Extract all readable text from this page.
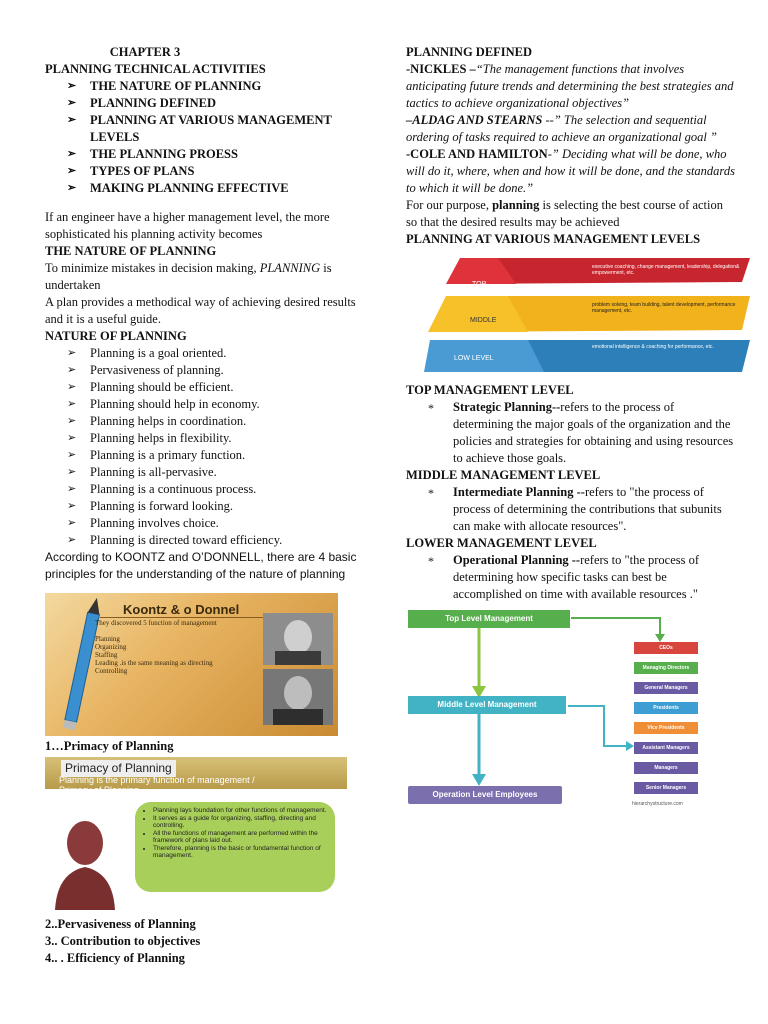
CHAPTER 3
PLANNING TECHNICAL ACTIVITIES
➢ THE NATURE OF PLANNING
➢ PLANNING DEFINED
➢ PLANNING AT VARIOUS MANAGEMENT LEVELS
➢ THE PLANNING PROESS
➢ TYPES OF PLANS
➢ MAKING PLANNING EFFECTIVE

If an engineer have a higher management level, the more sophisticated his planning activity becomes

THE NATURE OF PLANNING

To minimize mistakes in decision making, PLANNING is undertaken

A plan provides a methodical way of achieving desired results and it is a useful guide.

NATURE OF PLANNING
➢ Planning is a goal oriented.
➢ Pervasiveness of planning.
➢ Planning should be efficient.
➢ Planning should help in economy.
➢ Planning helps in coordination.
➢ Planning helps in flexibility.
➢ Planning is a primary function.
➢ Planning is all-pervasive.
➢ Planning is a continuous process.
➢ Planning is forward looking.
➢ Planning involves choice.
➢ Planning is directed toward efficiency.

According to KOONTZ and O’DONNELL, there are 4 basic principles for the understanding of the nature of planning

Koontz & o Donnel
They discovered 5 function of management
Planning
Organizing
Staffing
Leading .is the same meaning as directing
Controlling
1…Primacy of Planning
Primacy of Planning
Planning is the primary function of management / Primacy of Planning
• Planning lays foundation for other functions of management.
• It serves as a guide for organizing, staffing, directing and controlling.
• All the functions of management are performed within the framework of plans laid out.
• Therefore, planning is the basic or fundamental function of management.
2..Pervasiveness of Planning
3.. Contribution to objectives
4.. . Efficiency of Planning
PLANNING DEFINED

-NICKLES –“The management functions that involves anticipating future trends and determining the best strategies and tactics to achieve organizational objectives”

–ALDAG AND STEARNS --” The selection and sequential ordering of tasks required to achieve an organizational goal ”

-COLE AND HAMILTON-” Deciding what will be done, who will do it, where, when and how it will be done, and the standards to which it will be done.”

For our purpose, planning is selecting the best course of action so that the desired results may be achieved

PLANNING AT VARIOUS MANAGEMENT LEVELS
TOP
MIDDLE
LOW LEVEL
executive coaching, change management, leadership, delegation& empowerment, etc.
problem solving, team building, talent development, performance management, etc.
emotional intelligence & coaching for performance, etc.
TOP MANAGEMENT LEVEL
* Strategic Planning--refers to the process of determining the major goals of the organization and the policies and strategies for obtaining and using resources to achieve those goals.
MIDDLE MANAGEMENT LEVEL
* Intermediate Planning --refers to "the process of process of determining the contributions that subunits can make with allocate resources".
LOWER MANAGEMENT LEVEL
* Operational Planning --refers to "the process of determining how specific tasks can best be accomplished on time with available resources ."
Top Level Management
Middle Level Management
Operation Level Employees
CEOs
Managing Directors
General Managers
Presidents
Vice Presidents
Assistant Managers
Managers
Senior Managers
hierarchystructure.com
